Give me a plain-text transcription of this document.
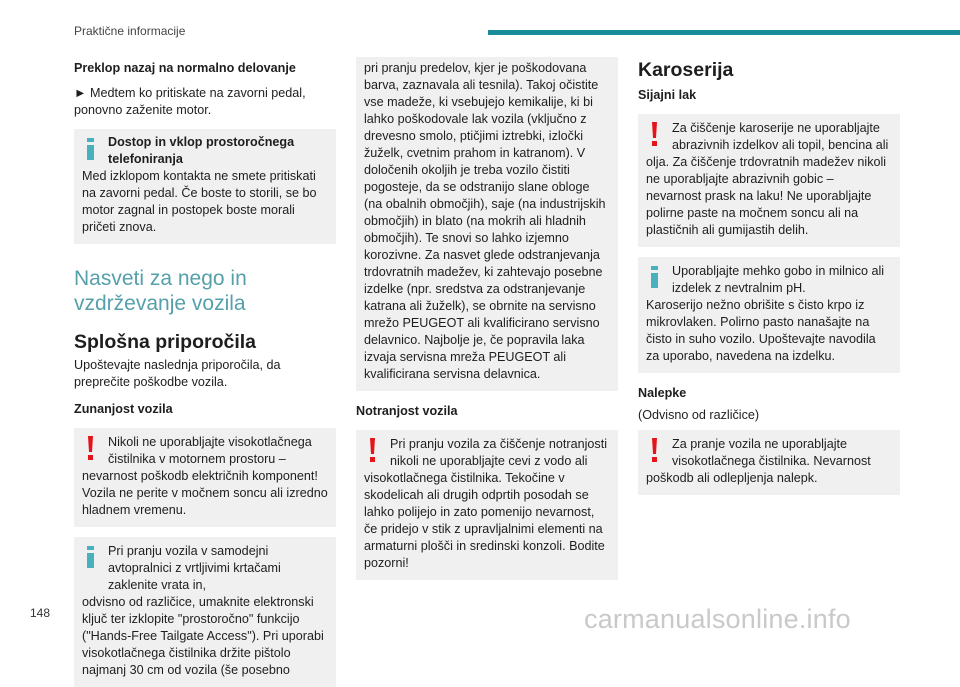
Praktične informacije

Preklop nazaj na normalno delovanje

► Medtem ko pritiskate na zavorni pedal, ponovno zaženite motor.

Dostop in vklop prostoročnega

telefoniranja

Med izklopom kontakta ne smete pritiskati na zavorni pedal. Če boste to storili, se bo motor zagnal in postopek boste morali pričeti znova.

Nasveti za nego in vzdrževanje vozila
Splošna priporočila

Upoštevajte naslednja priporočila, da preprečite poškodbe vozila.

Zunanjost vozila

Nikoli ne uporabljajte visokotlačnega čistilnika v motornem prostoru –

nevarnost poškodb električnih komponent! Vozila ne perite v močnem soncu ali izredno hladnem vremenu.

Pri pranju vozila v samodejni avtopralnici z vrtljivimi krtačami zaklenite vrata in,

odvisno od različice, umaknite elektronski ključ ter izklopite "prostoročno" funkcijo ("Hands-Free Tailgate Access"). Pri uporabi visokotlačnega čistilnika držite pištolo najmanj 30 cm od vozila (še posebno

pri pranju predelov, kjer je poškodovana barva, zaznavala ali tesnila). Takoj očistite vse madeže, ki vsebujejo kemikalije, ki bi lahko poškodovale lak vozila (vključno z drevesno smolo, ptičjimi iztrebki, izločki žuželk, cvetnim prahom in katranom). V določenih okoljih je treba vozilo čistiti pogosteje, da se odstranijo slane obloge (na obalnih območjih), saje (na industrijskih območjih) in blato (na mokrih ali hladnih območjih). Te snovi so lahko izjemno korozivne. Za nasvet glede odstranjevanja trdovratnih madežev, ki zahtevajo posebne izdelke (npr. sredstva za odstranjevanje katrana ali žuželk), se obrnite na servisno mrežo PEUGEOT ali kvalificirano servisno delavnico. Najbolje je, če popravila laka izvaja servisna mreža PEUGEOT ali kvalificirana servisna delavnica.

Notranjost vozila

Pri pranju vozila za čiščenje notranjosti nikoli ne uporabljajte cevi z vodo ali

visokotlačnega čistilnika. Tekočine v skodelicah ali drugih odprtih posodah se lahko polijejo in zato pomenijo nevarnost, če pridejo v stik z upravljalnimi elementi na armaturni plošči in sredinski konzoli. Bodite pozorni!

Karoserija

Sijajni lak

Za čiščenje karoserije ne uporabljajte abrazivnih izdelkov ali topil, bencina ali

olja. Za čiščenje trdovratnih madežev nikoli ne uporabljajte abrazivnih gobic – nevarnost prask na laku! Ne uporabljajte polirne paste na močnem soncu ali na plastičnih ali gumijastih delih.

Uporabljajte mehko gobo in milnico ali izdelek z nevtralnim pH.

Karoserijo nežno obrišite s čisto krpo iz mikrovlaken. Polirno pasto nanašajte na čisto in suho vozilo. Upoštevajte navodila za uporabo, navedena na izdelku.

Nalepke

(Odvisno od različice)

Za pranje vozila ne uporabljajte visokotlačnega čistilnika. Nevarnost

poškodb ali odlepljenja nalepk.

148	carmanualsonline.info
